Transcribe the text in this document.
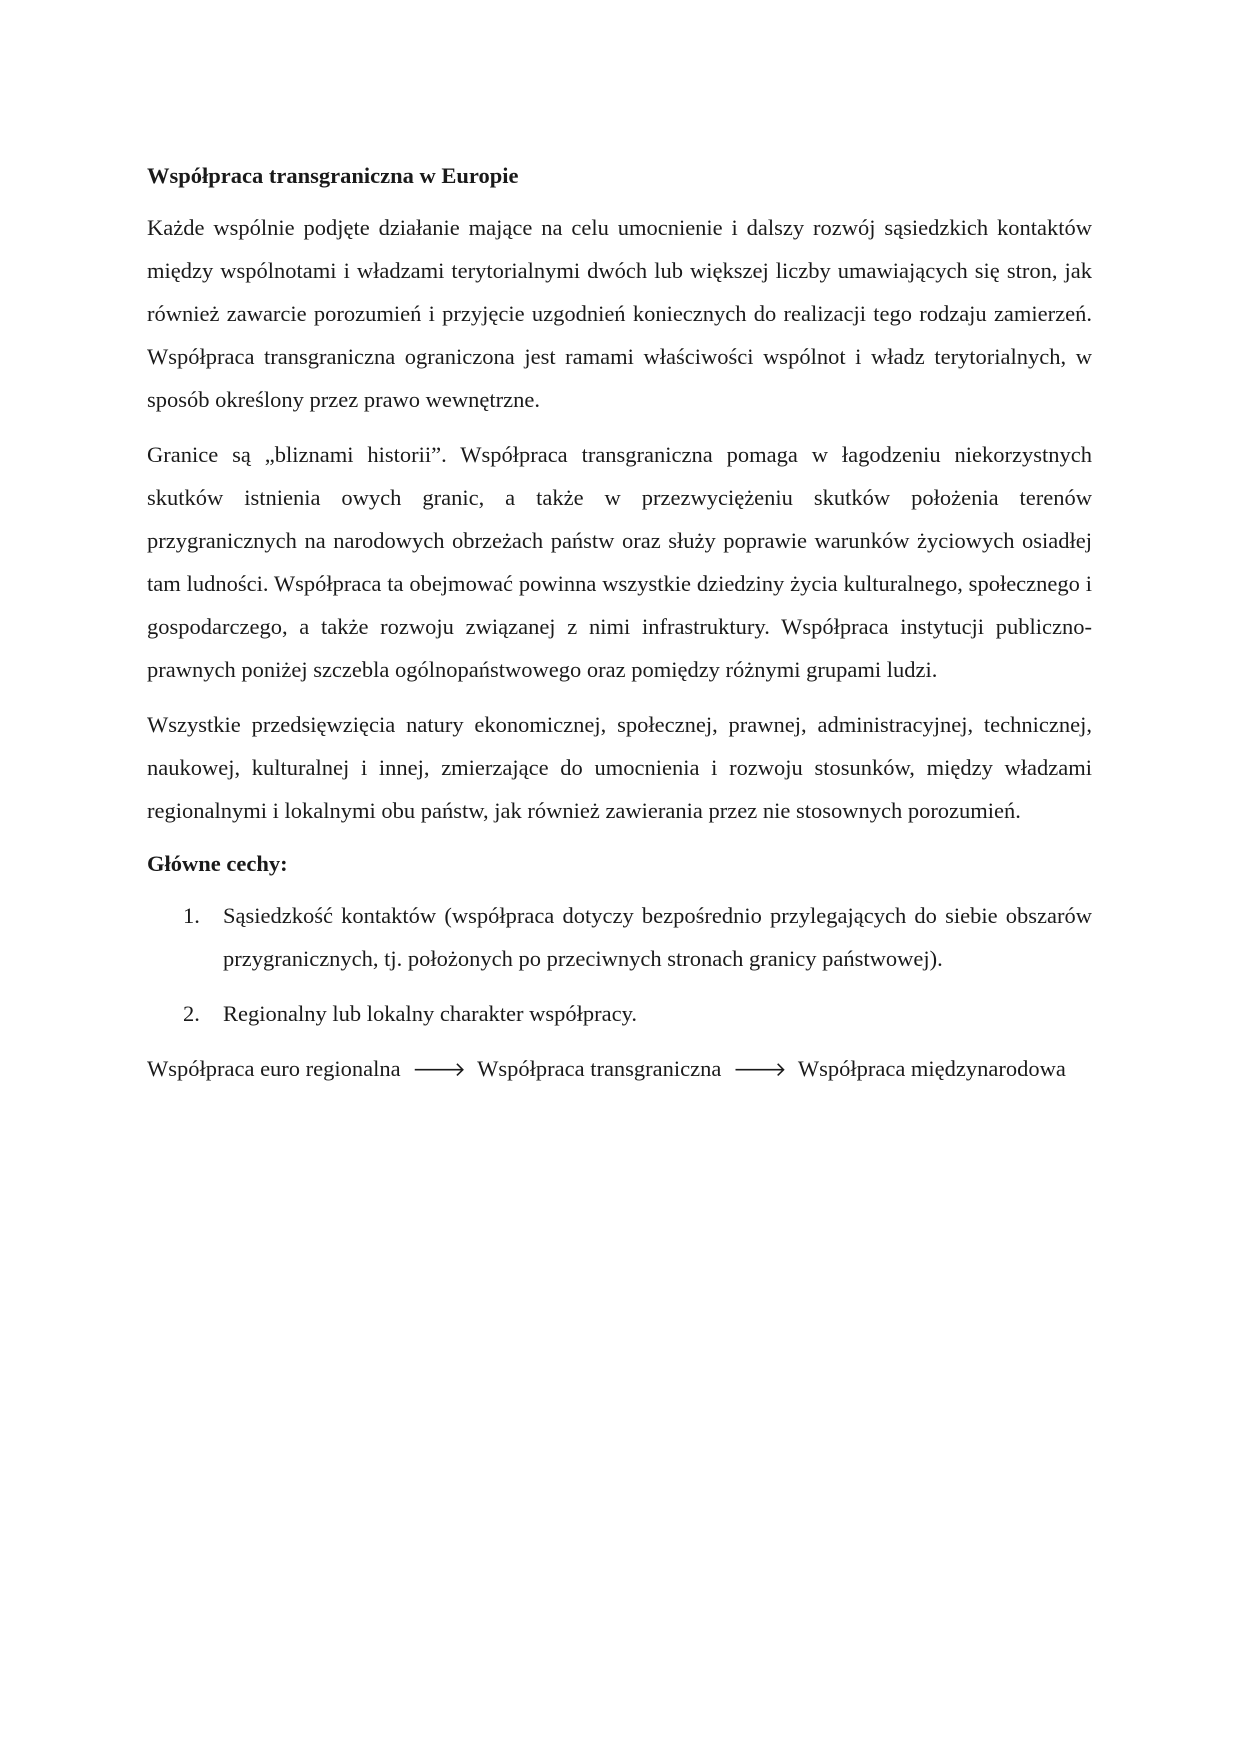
Współpraca transgraniczna w Europie

Każde wspólnie podjęte działanie mające na celu umocnienie i dalszy rozwój sąsiedzkich kontaktów między wspólnotami i władzami terytorialnymi dwóch lub większej liczby umawiających się stron, jak również zawarcie porozumień i przyjęcie uzgodnień koniecznych do realizacji tego rodzaju zamierzeń. Współpraca transgraniczna ograniczona jest ramami właściwości wspólnot i władz terytorialnych, w sposób określony przez prawo wewnętrzne.

Granice są „bliznami historii”. Współpraca transgraniczna pomaga w łagodzeniu niekorzystnych skutków istnienia owych granic, a także w przezwyciężeniu skutków położenia terenów przygranicznych na narodowych obrzeżach państw oraz służy poprawie warunków życiowych osiadłej tam ludności. Współpraca ta obejmować powinna wszystkie dziedziny życia kulturalnego, społecznego i gospodarczego, a także rozwoju związanej z nimi infrastruktury. Współpraca instytucji publiczno-prawnych poniżej szczebla ogólnopaństwowego oraz pomiędzy różnymi grupami ludzi.

Wszystkie przedsięwzięcia natury ekonomicznej, społecznej, prawnej, administracyjnej, technicznej, naukowej, kulturalnej i innej, zmierzające do umocnienia i rozwoju stosunków, między władzami regionalnymi i lokalnymi obu państw, jak również zawierania przez nie stosownych porozumień.

Główne cechy:
1. Sąsiedzkość kontaktów (współpraca dotyczy bezpośrednio przylegających do siebie obszarów przygranicznych, tj. położonych po przeciwnych stronach granicy państwowej).
2. Regionalny lub lokalny charakter współpracy.
Współpraca euro regionalna 🡒 Współpraca transgraniczna 🡒 Współpraca międzynarodowa
